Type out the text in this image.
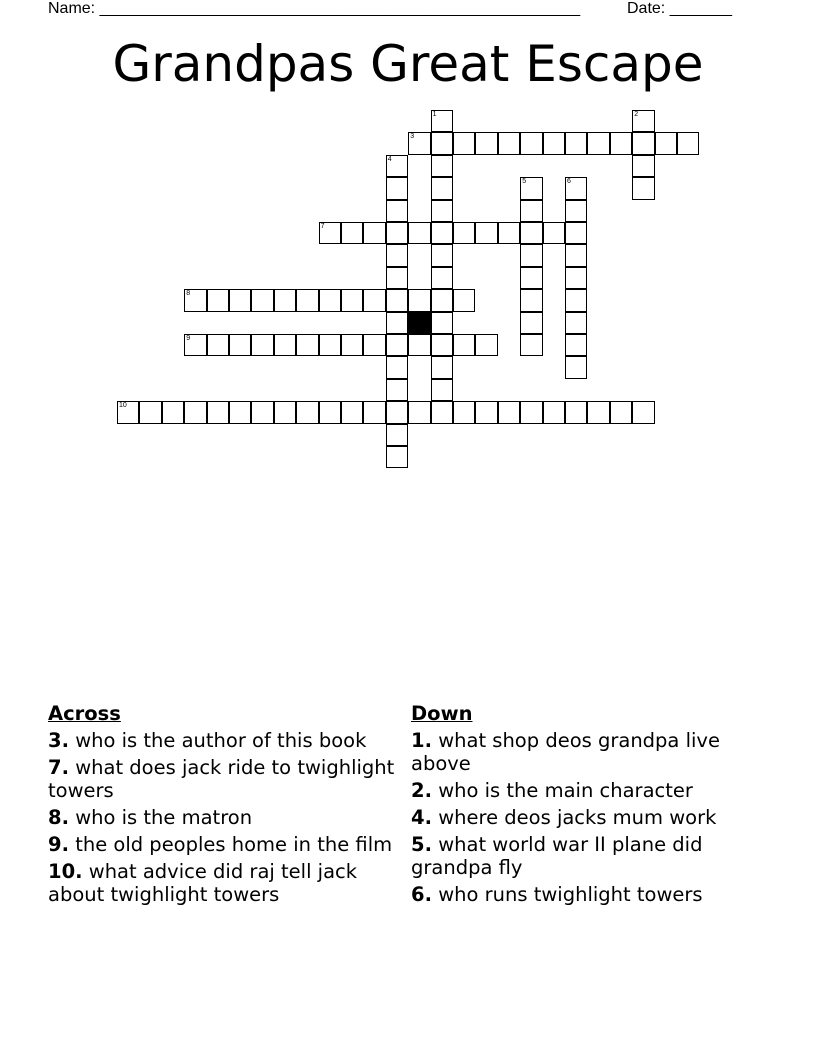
Name: ______________________________________________________	Date: _______
Grandpas Great Escape
1	2
3
4
5	6
7
8
9
10
Across
3. who is the author of this book
7. what does jack ride to twighlight towers
8. who is the matron
9. the old peoples home in the film
10. what advice did raj tell jack about twighlight towers
Down
1. what shop deos grandpa live above
2. who is the main character
4. where deos jacks mum work
5. what world war II plane did grandpa fly
6. who runs twighlight towers
